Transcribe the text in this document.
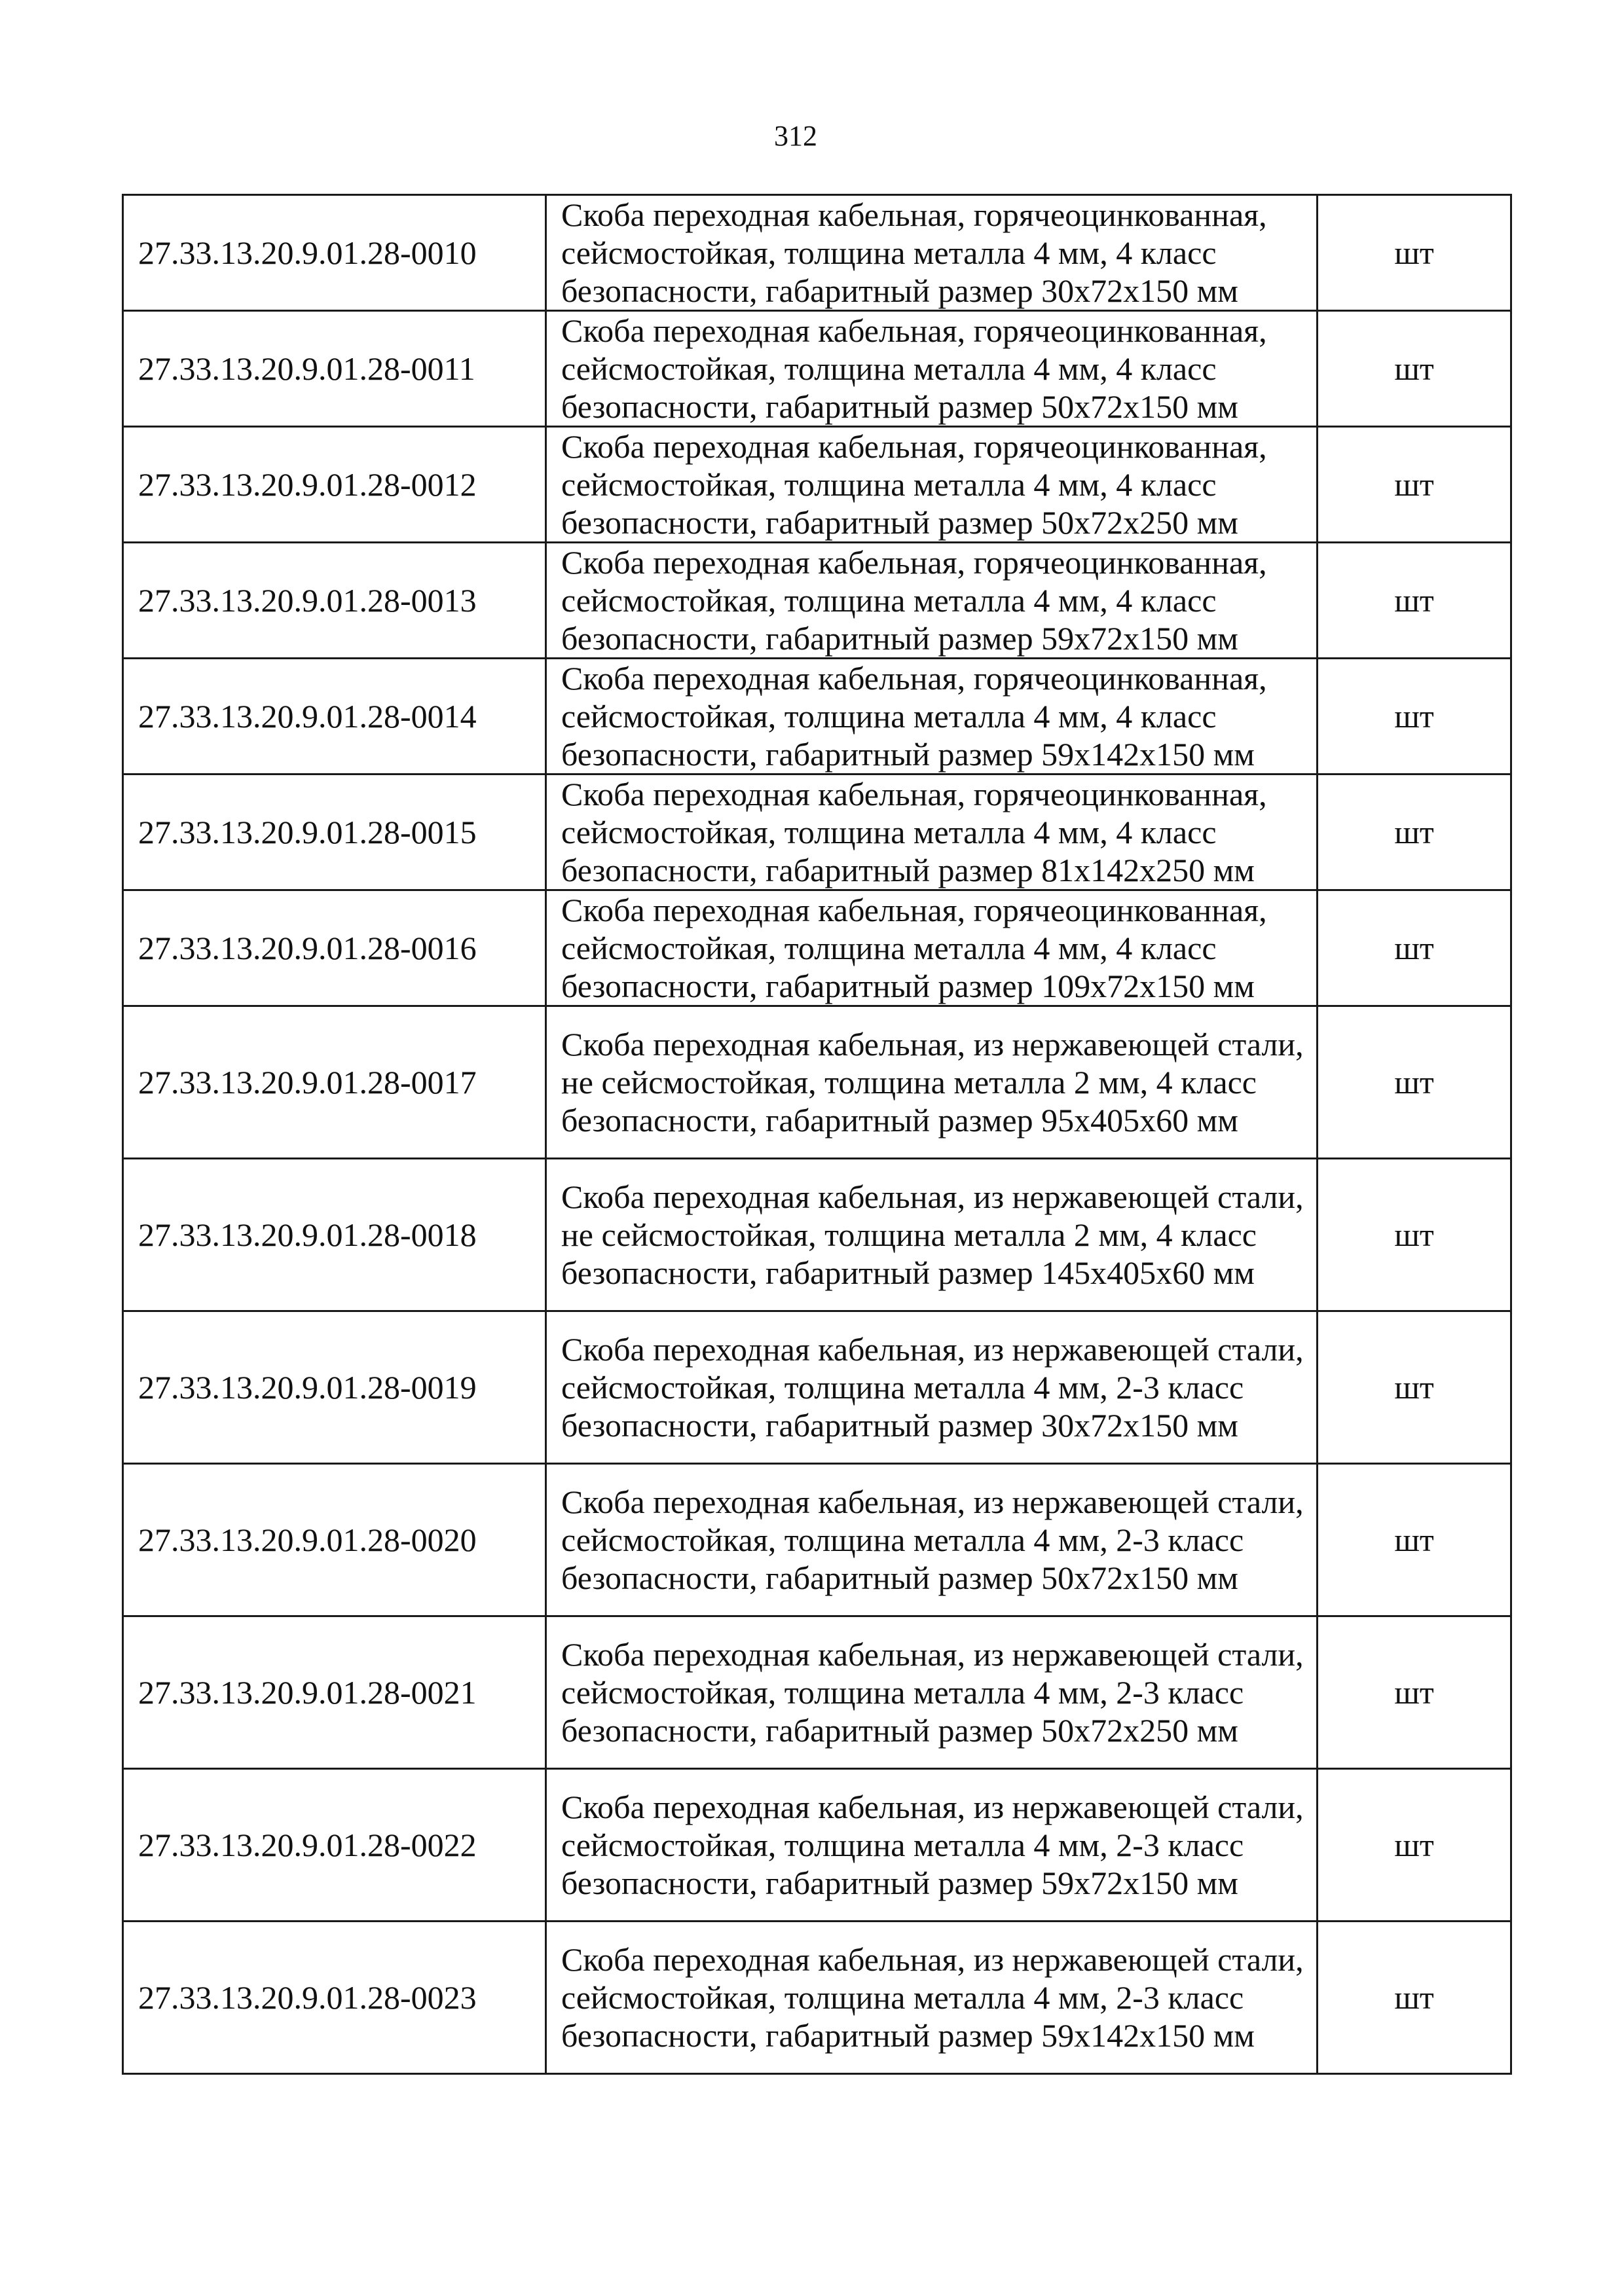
312
27.33.13.20.9.01.28-0010	Скоба переходная кабельная, горячеоцинкованная, сейсмостойкая, толщина металла 4 мм, 4 класс безопасности, габаритный размер 30х72х150 мм	шт
27.33.13.20.9.01.28-0011	Скоба переходная кабельная, горячеоцинкованная, сейсмостойкая, толщина металла 4 мм, 4 класс безопасности, габаритный размер 50х72х150 мм	шт
27.33.13.20.9.01.28-0012	Скоба переходная кабельная, горячеоцинкованная, сейсмостойкая, толщина металла 4 мм, 4 класс безопасности, габаритный размер 50х72х250 мм	шт
27.33.13.20.9.01.28-0013	Скоба переходная кабельная, горячеоцинкованная, сейсмостойкая, толщина металла 4 мм, 4 класс безопасности, габаритный размер 59х72х150 мм	шт
27.33.13.20.9.01.28-0014	Скоба переходная кабельная, горячеоцинкованная, сейсмостойкая, толщина металла 4 мм, 4 класс безопасности, габаритный размер 59х142х150 мм	шт
27.33.13.20.9.01.28-0015	Скоба переходная кабельная, горячеоцинкованная, сейсмостойкая, толщина металла 4 мм, 4 класс безопасности, габаритный размер 81х142х250 мм	шт
27.33.13.20.9.01.28-0016	Скоба переходная кабельная, горячеоцинкованная, сейсмостойкая, толщина металла 4 мм, 4 класс безопасности, габаритный размер 109х72х150 мм	шт
27.33.13.20.9.01.28-0017	Скоба переходная кабельная, из нержавеющей стали, не сейсмостойкая, толщина металла 2 мм, 4 класс безопасности, габаритный размер 95х405х60 мм	шт
27.33.13.20.9.01.28-0018	Скоба переходная кабельная, из нержавеющей стали, не сейсмостойкая, толщина металла 2 мм, 4 класс безопасности, габаритный размер 145х405х60 мм	шт
27.33.13.20.9.01.28-0019	Скоба переходная кабельная, из нержавеющей стали, сейсмостойкая, толщина металла 4 мм, 2-3 класс безопасности, габаритный размер 30х72х150 мм	шт
27.33.13.20.9.01.28-0020	Скоба переходная кабельная, из нержавеющей стали, сейсмостойкая, толщина металла 4 мм, 2-3 класс безопасности, габаритный размер 50х72х150 мм	шт
27.33.13.20.9.01.28-0021	Скоба переходная кабельная, из нержавеющей стали, сейсмостойкая, толщина металла 4 мм, 2-3 класс безопасности, габаритный размер 50х72х250 мм	шт
27.33.13.20.9.01.28-0022	Скоба переходная кабельная, из нержавеющей стали, сейсмостойкая, толщина металла 4 мм, 2-3 класс безопасности, габаритный размер 59х72х150 мм	шт
27.33.13.20.9.01.28-0023	Скоба переходная кабельная, из нержавеющей стали, сейсмостойкая, толщина металла 4 мм, 2-3 класс безопасности, габаритный размер 59х142х150 мм	шт
